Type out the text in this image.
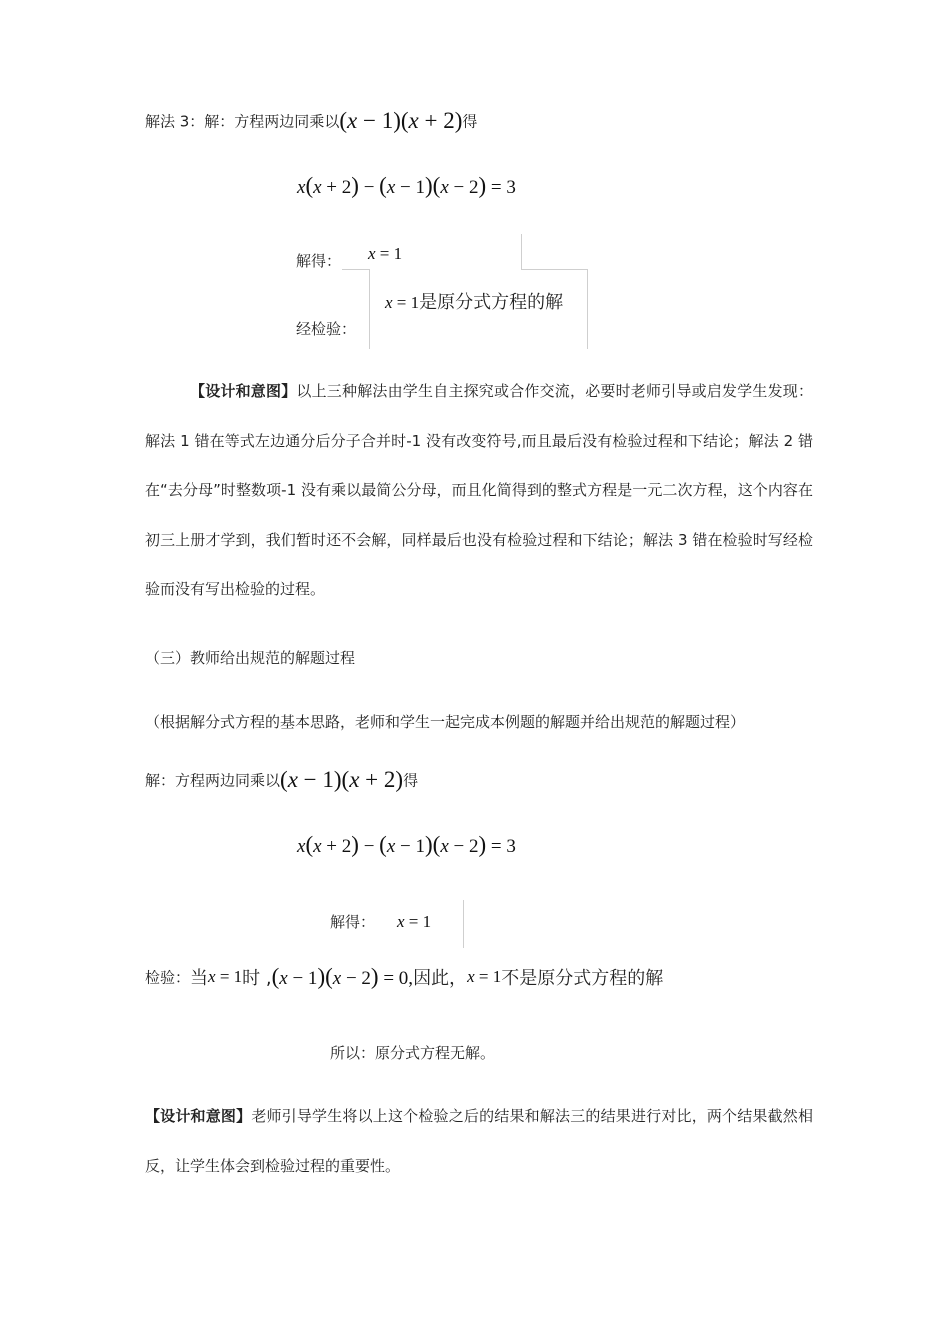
解法 3：解：方程两边同乘以(x − 1)(x + 2)得
x(x + 2) − (x − 1)(x − 2) = 3
解得： x = 1
x = 1是原分式方程的解
经检验：

【设计和意图】以上三种解法由学生自主探究或合作交流，必要时老师引导或启发学生发现：解法 1 错在等式左边通分后分子合并时-1 没有改变符号,而且最后没有检验过程和下结论；解法 2 错在“去分母”时整数项-1 没有乘以最简公分母，而且化简得到的整式方程是一元二次方程，这个内容在初三上册才学到，我们暂时还不会解，同样最后也没有检验过程和下结论；解法 3 错在检验时写经检验而没有写出检验的过程。

（三）教师给出规范的解题过程
（根据解分式方程的基本思路，老师和学生一起完成本例题的解题并给出规范的解题过程）
解：方程两边同乘以(x − 1)(x + 2)得
x(x + 2) − (x − 1)(x − 2) = 3
解得： x = 1
检验：当x = 1时 ,(x − 1)(x − 2) = 0,因此，x = 1不是原分式方程的解
所以：原分式方程无解。

【设计和意图】老师引导学生将以上这个检验之后的结果和解法三的结果进行对比，两个结果截然相反，让学生体会到检验过程的重要性。
